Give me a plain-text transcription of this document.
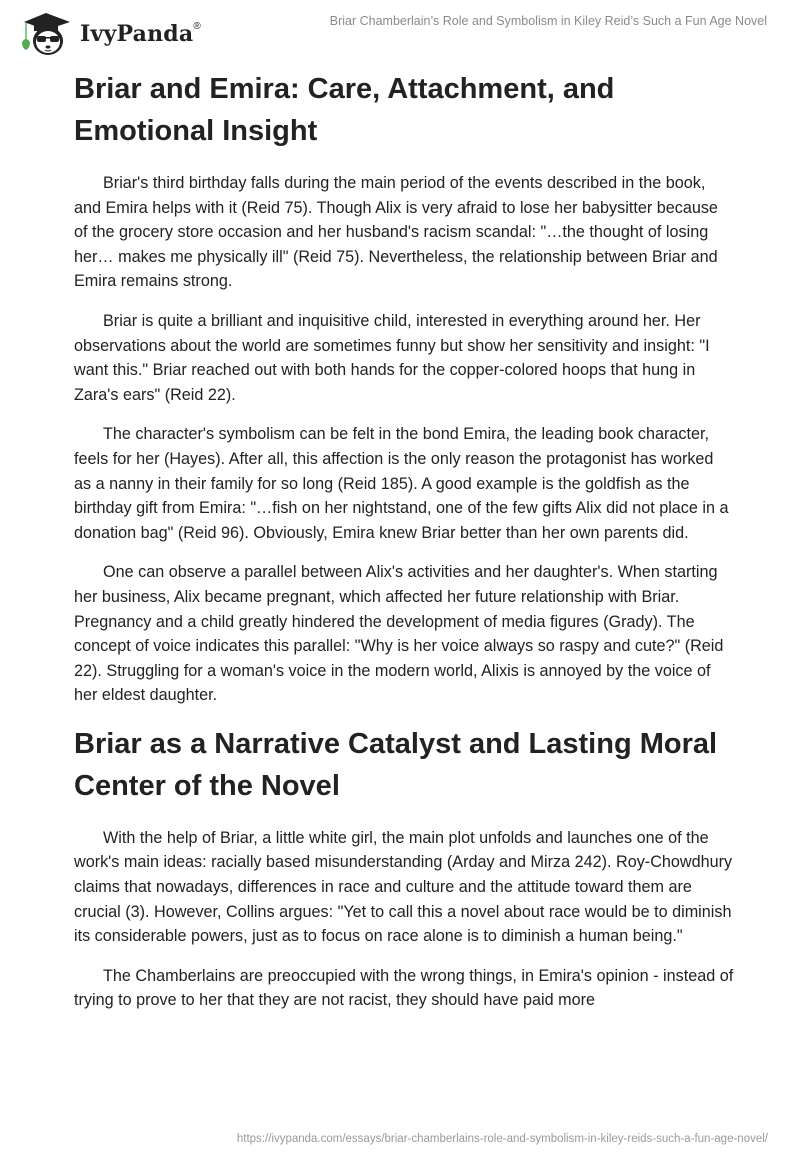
IvyPanda®	Briar Chamberlain’s Role and Symbolism in Kiley Reid’s Such a Fun Age Novel
Briar and Emira: Care, Attachment, and Emotional Insight

Briar's third birthday falls during the main period of the events described in the book, and Emira helps with it (Reid 75). Though Alix is very afraid to lose her babysitter because of the grocery store occasion and her husband's racism scandal: "…the thought of losing her… makes me physically ill" (Reid 75). Nevertheless, the relationship between Briar and Emira remains strong.

Briar is quite a brilliant and inquisitive child, interested in everything around her. Her observations about the world are sometimes funny but show her sensitivity and insight: "I want this." Briar reached out with both hands for the copper-colored hoops that hung in Zara's ears" (Reid 22).

The character's symbolism can be felt in the bond Emira, the leading book character, feels for her (Hayes). After all, this affection is the only reason the protagonist has worked as a nanny in their family for so long (Reid 185). A good example is the goldfish as the birthday gift from Emira: "…fish on her nightstand, one of the few gifts Alix did not place in a donation bag" (Reid 96). Obviously, Emira knew Briar better than her own parents did.

One can observe a parallel between Alix's activities and her daughter's. When starting her business, Alix became pregnant, which affected her future relationship with Briar. Pregnancy and a child greatly hindered the development of media figures (Grady). The concept of voice indicates this parallel: "Why is her voice always so raspy and cute?" (Reid 22). Struggling for a woman's voice in the modern world, Alixis is annoyed by the voice of her eldest daughter.

Briar as a Narrative Catalyst and Lasting Moral Center of the Novel

With the help of Briar, a little white girl, the main plot unfolds and launches one of the work's main ideas: racially based misunderstanding (Arday and Mirza 242). Roy-Chowdhury claims that nowadays, differences in race and culture and the attitude toward them are crucial (3). However, Collins argues: "Yet to call this a novel about race would be to diminish its considerable powers, just as to focus on race alone is to diminish a human being."

The Chamberlains are preoccupied with the wrong things, in Emira's opinion - instead of trying to prove to her that they are not racist, they should have paid more

https://ivypanda.com/essays/briar-chamberlains-role-and-symbolism-in-kiley-reids-such-a-fun-age-novel/
